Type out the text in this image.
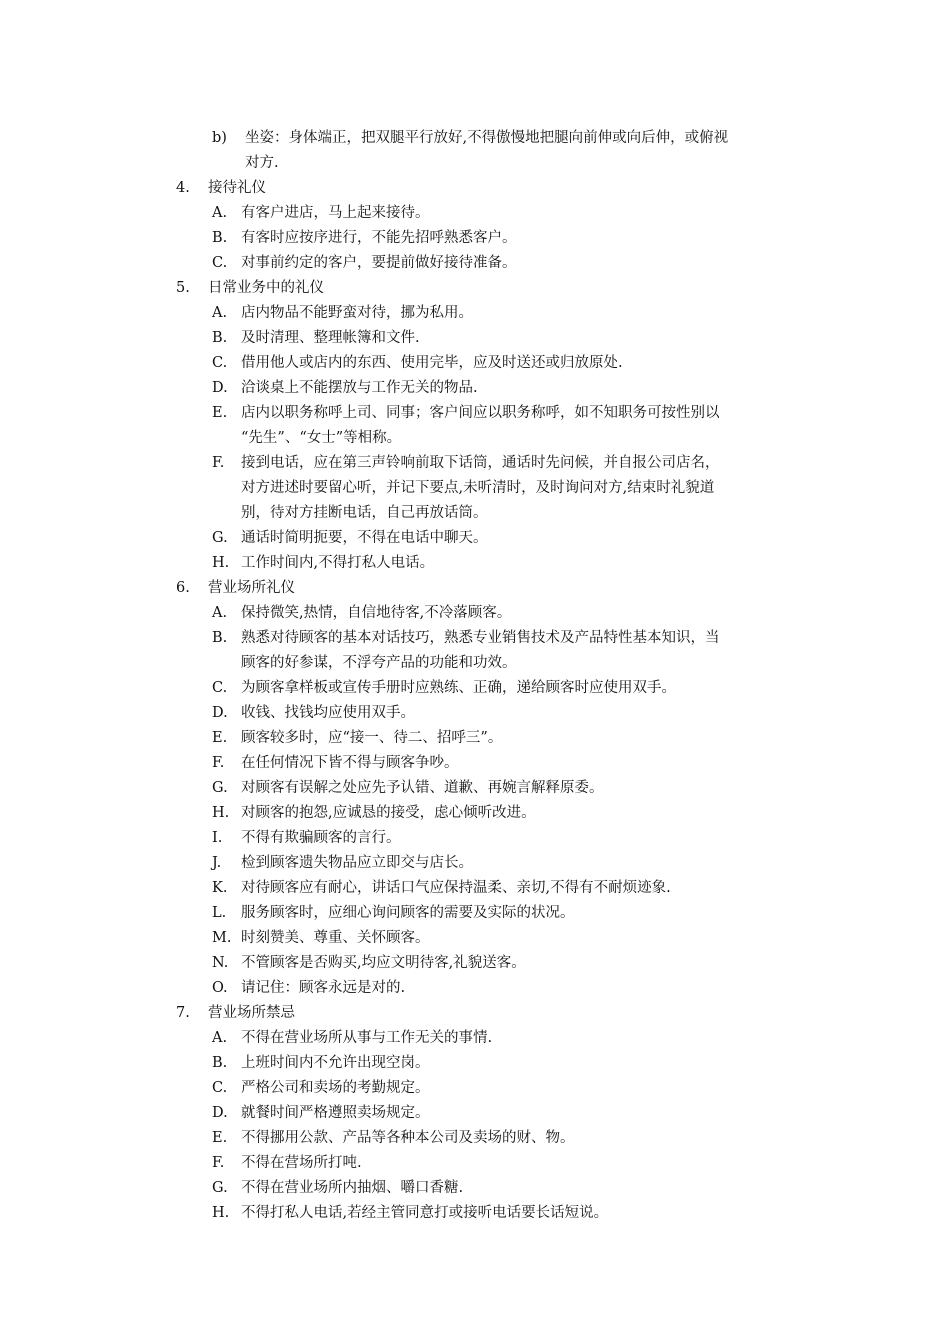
b) 坐姿：身体端正，把双腿平行放好,不得傲慢地把腿向前伸或向后伸，或俯视
对方.
4. 接待礼仪
A. 有客户进店，马上起来接待。
B. 有客时应按序进行，不能先招呼熟悉客户。
C. 对事前约定的客户，要提前做好接待准备。
5. 日常业务中的礼仪
A. 店内物品不能野蛮对待，挪为私用。
B. 及时清理、整理帐簿和文件.
C. 借用他人或店内的东西、使用完毕，应及时送还或归放原处.
D. 洽谈桌上不能摆放与工作无关的物品.
E. 店内以职务称呼上司、同事；客户间应以职务称呼，如不知职务可按性别以
“先生”、“女士”等相称。
F. 接到电话，应在第三声铃响前取下话筒，通话时先问候，并自报公司店名，
对方进述时要留心听，并记下要点,未听清时，及时询问对方,结束时礼貌道
别，待对方挂断电话，自己再放话筒。
G. 通话时简明扼要，不得在电话中聊天。
H. 工作时间内,不得打私人电话。
6. 营业场所礼仪
A. 保持微笑,热情，自信地待客,不冷落顾客。
B. 熟悉对待顾客的基本对话技巧，熟悉专业销售技术及产品特性基本知识，当
顾客的好参谋，不浮夸产品的功能和功效。
C. 为顾客拿样板或宣传手册时应熟练、正确，递给顾客时应使用双手。
D. 收钱、找钱均应使用双手。
E. 顾客较多时，应“接一、待二、招呼三”。
F. 在任何情况下皆不得与顾客争吵。
G. 对顾客有误解之处应先予认错、道歉、再婉言解释原委。
H. 对顾客的抱怨,应诚恳的接受，虑心倾听改进。
I. 不得有欺骗顾客的言行。
J. 检到顾客遗失物品应立即交与店长。
K. 对待顾客应有耐心，讲话口气应保持温柔、亲切,不得有不耐烦迹象.
L. 服务顾客时，应细心询问顾客的需要及实际的状况。
M. 时刻赞美、尊重、关怀顾客。
N. 不管顾客是否购买,均应文明待客,礼貌送客。
O. 请记住：顾客永远是对的.
7. 营业场所禁忌
A. 不得在营业场所从事与工作无关的事情.
B. 上班时间内不允许出现空岗。
C. 严格公司和卖场的考勤规定。
D. 就餐时间严格遵照卖场规定。
E. 不得挪用公款、产品等各种本公司及卖场的财、物。
F. 不得在营场所打吨.
G. 不得在营业场所内抽烟、嚼口香糖.
H. 不得打私人电话,若经主管同意打或接听电话要长话短说。
